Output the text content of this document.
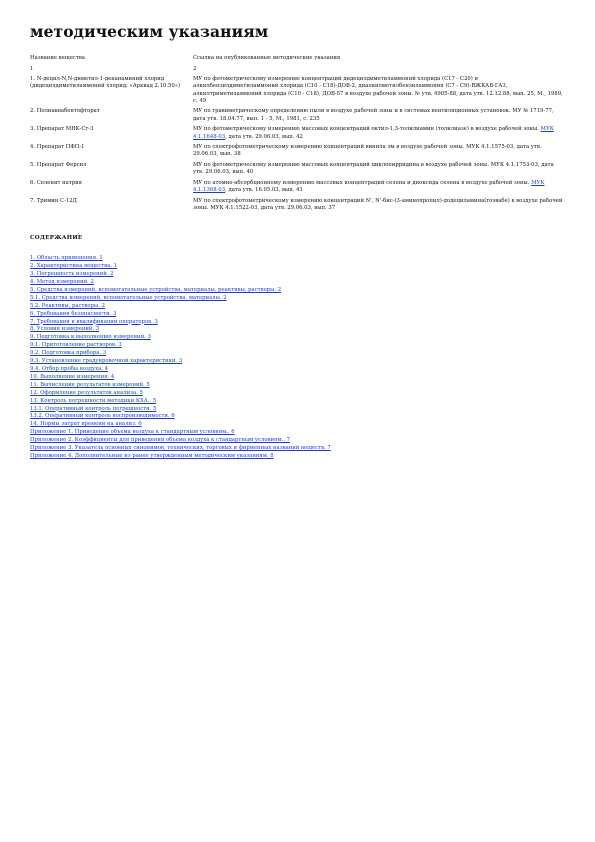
методическим указаниям
Название вещества	Ссылка на опубликованные методические указания
1	2
1. N-децил-N,N-диметил-1-деканаминий хлорид (дидецилдиметиламмоний хлорид; «Арквад 2.10.50»)	МУ по фотометрическому измерению концентраций дидецилдиметиламмоний хлорида (C17 - C20) и алкилбензилдиметиламмоний хлорида (C10 - C18)-ДОВ-2, диалкилметилбензиламмония (C7 - C9)-ВЖКАВ-ГАЗ, алкилтриметиламмоний хлорида (C10 - C18), ДОВ-57 в воздухе рабочей зоны. № утв. 4905-88, дата утв. 12.12.88, вып. 25, М., 1989, с. 49
2. Полиаквабентофторат	МУ по гравиметрическому определению пыли в воздухе рабочей зоны и в системах вентиляционных установок. МУ № 1719-77, дата утв. 18.04.77, вып. 1 - 5, М., 1981, с. 235
3. Препарат МЯК-Ст-3	МУ по фотометрическому измерению массовых концентраций октил-1,3-толилиамин (толилиазе) в воздухе рабочей зоны. МУК 4.1.1648-03, дата утв. 29.06.03, вып. 42
4. Препарат ПФП-1	МУ по спектрофотометрическому измерению концентраций винила эм в воздухе рабочей зоны. МУК 4.1.1575-03, дата утв. 29.06.03, вып. 38
5. Препарат Ферсил	МУ по фотометрическому измерению массовых концентраций циклопирридина в воздухе рабочей зоны. МУК 4.1.1753-03, дата утв. 29.06.03, вып. 40
6. Селенит натрия	МУ по атомно-абсорбционному измерению массовых концентраций селена и диоксида селена в воздухе рабочей зоны. МУК 4.1.1368-03, дата утв. 16.05.03, вып. 41
7. Тримин С-12Д	МУ по спектрофотометрическому измерению концентраций N', N'-бис-(3-аминопропил)-додециламина(гоэвабе) в воздухе рабочей зоны. МУК 4.1.1522-03, дата утв. 29.06.03, вып. 37
СОДЕРЖАНИЕ
1. Область применения. 1
2. Характеристика вещества. 1
3. Погрешность измерений. 2
4. Метод измерений. 2
5. Средства измерений, вспомогательные устройства, материалы, реактивы, растворы. 2
5.1. Средства измерений, вспомогательные устройства, материалы. 2
5.2. Реактивы, растворы. 2
6. Требования безопасности. 3
7. Требования к квалификации операторов. 3
8. Условия измерений. 3
9. Подготовка к выполнению измерений. 3
9.1. Приготовление растворов. 3
9.2. Подготовка прибора. 3
9.3. Установление градуировочной характеристики. 3
9.4. Отбор пробы воздуха. 4
10. Выполнение измерения. 4
11. Вычисление результатов измерений. 5
12. Оформление результатов анализа. 5
13. Контроль погрешности методики КХА.. 5
13.1. Оперативный контроль погрешности. 5
13.2. Оперативный контроль воспроизводимости. 6
14. Нормы затрат времени на анализ. 6
Приложение 1. Приведение объема воздуха к стандартным условиям.. 6
Приложение 2. Коэффициенты для приведения объема воздуха к стандартным условиям.. 7
Приложение 3. Указатель основных синонимов, технических, торговых и фирменных названий веществ. 7
Приложение 4. Дополнительные из ранее утвержденным методическим указаниям. 8
